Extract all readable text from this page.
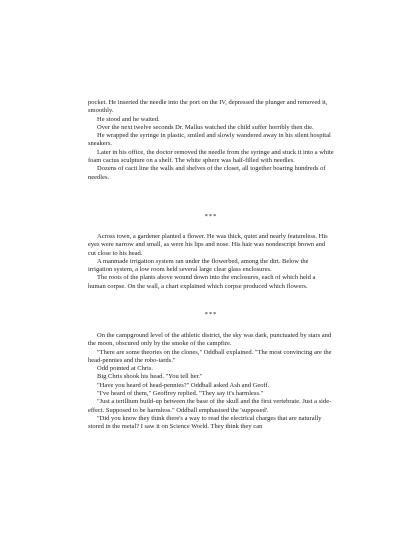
pocket. He inserted the needle into the port on the IV, depressed the plunger and removed it, smoothly.

He stood and he waited.

Over the next twelve seconds Dr. Mallus watched the child suffer horribly then die.

He wrapped the syringe in plastic, smiled and slowly wandered away in his silent hospital sneakers.

Later in his office, the doctor removed the needle from the syringe and stuck it into a white foam cactus sculpture on a shelf. The white sphere was half-filled with needles.

Dozens of cacti line the walls and shelves of the closet, all together boaring hundreds of needles.

***

Across town, a gardener planted a flower. He was thick, quiet and nearly featureless. His eyes were narrow and small, as were his lips and nose. His hair was nondescript brown and cut close to his head.

A manmade irrigation system ran under the flowerbed, among the dirt. Below the irrigation system, a low room held several large clear glass enclosures.

The roots of the plants above wound down into the enclosures, each of which held a human corpse. On the wall, a chart explained which corpse produced which flowers.

***

On the campground level of the athletic district, the sky was dark, punctuated by stars and the moon, obscured only by the smoke of the campfire.

"There are some theories on the clones," Oddball explained. "The most convincing are the head-pennies and the robo-tards."

Odd pointed at Chris.

Big Chris shook his head. "You tell her."

"Have you heard of head-pennies?" Oddball asked Ash and Geoff.

"I've heard of them," Geoffrey replied. "They say it's harmless."

"Just a terillium build-up between the base of the skull and the first vertebrate. Just a side-effect. Supposed to be harmless." Oddball emphasised the 'supposed'.

"Did you know they think there's a way to read the electrical charges that are naturally stored in the metal? I saw it on Science World. They think they can
